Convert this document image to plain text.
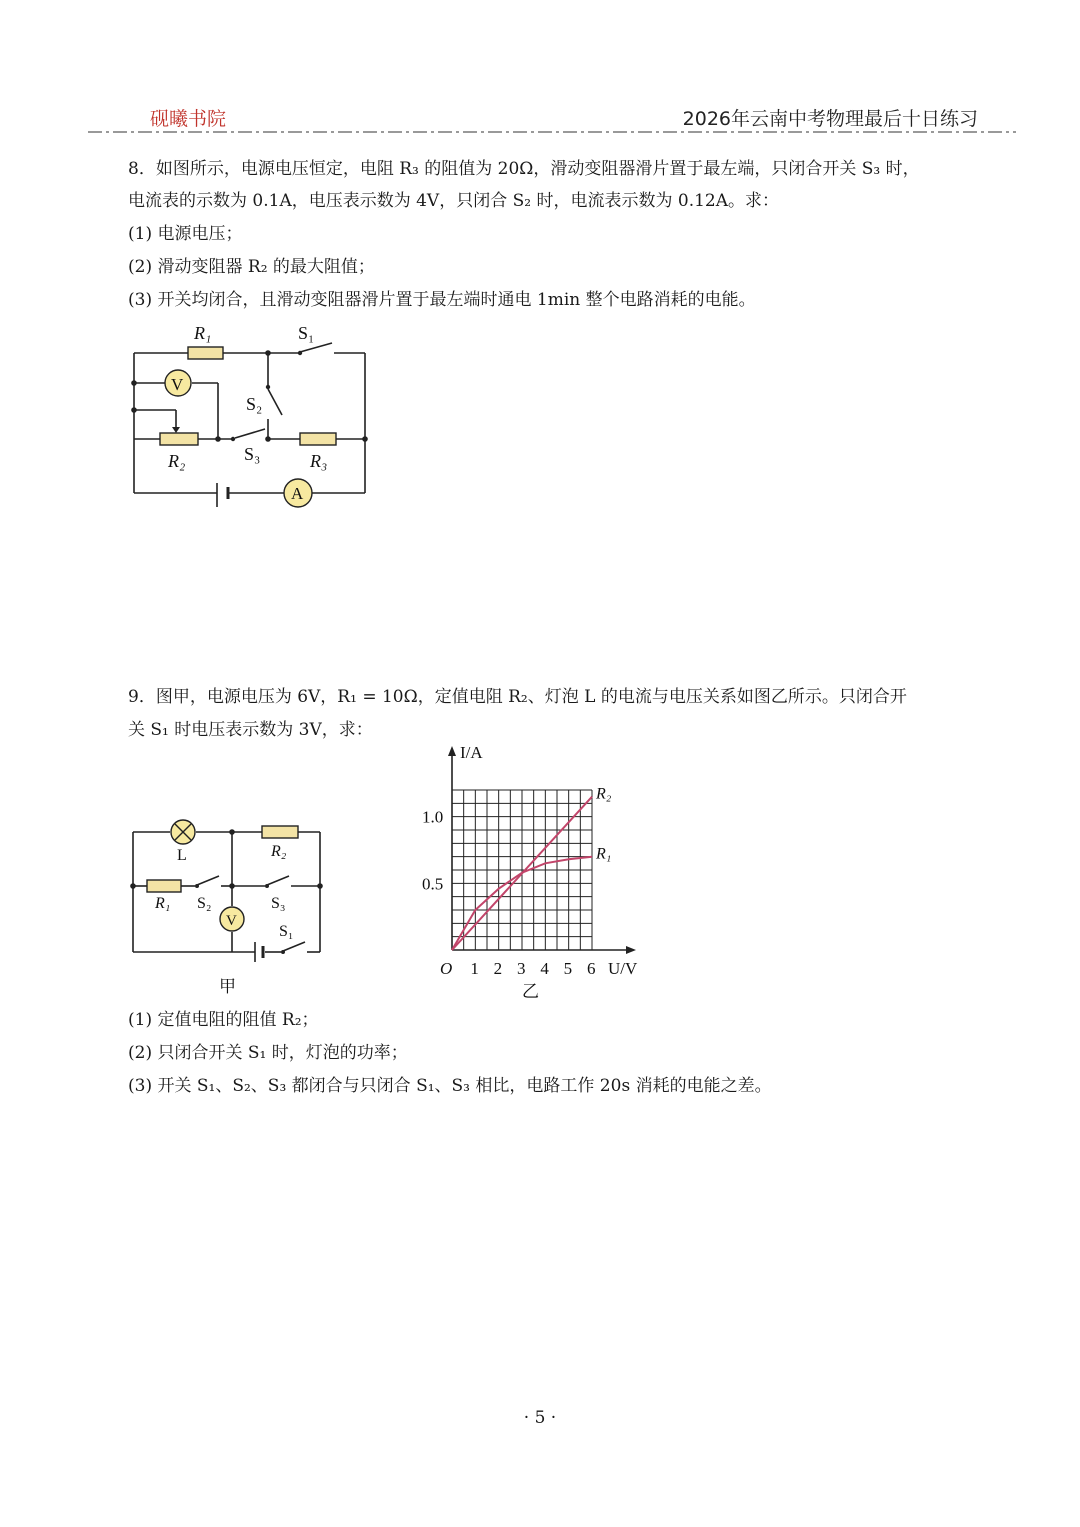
砚曦书院	2026年云南中考物理最后十日练习
8．如图所示，电源电压恒定，电阻 R₃ 的阻值为 20Ω，滑动变阻器滑片置于最左端，只闭合开关 S₃ 时，
电流表的示数为 0.1A，电压表示数为 4V，只闭合 S₂ 时，电流表示数为 0.12A。求：
(1) 电源电压；
(2) 滑动变阻器 R₂ 的最大阻值；
(3) 开关均闭合，且滑动变阻器滑片置于最左端时通电 1min 整个电路消耗的电能。
R₁	S₁
V
S₂
R₂	S₃	R₃
A
9．图甲，电源电压为 6V，R₁ = 10Ω，定值电阻 R₂、灯泡 L 的电流与电压关系如图乙所示。只闭合开
关 S₁ 时电压表示数为 3V，求：
L	R₂
R₁ S₂	S₃
V
S₁
甲
1 2 3 4 5 6
0.5
1.0
R₂
R₁
I/A
U/V
O
乙
(1) 定值电阻的阻值 R₂；
(2) 只闭合开关 S₁ 时，灯泡的功率；
(3) 开关 S₁、S₂、S₃ 都闭合与只闭合 S₁、S₃ 相比，电路工作 20s 消耗的电能之差。
· 5 ·
